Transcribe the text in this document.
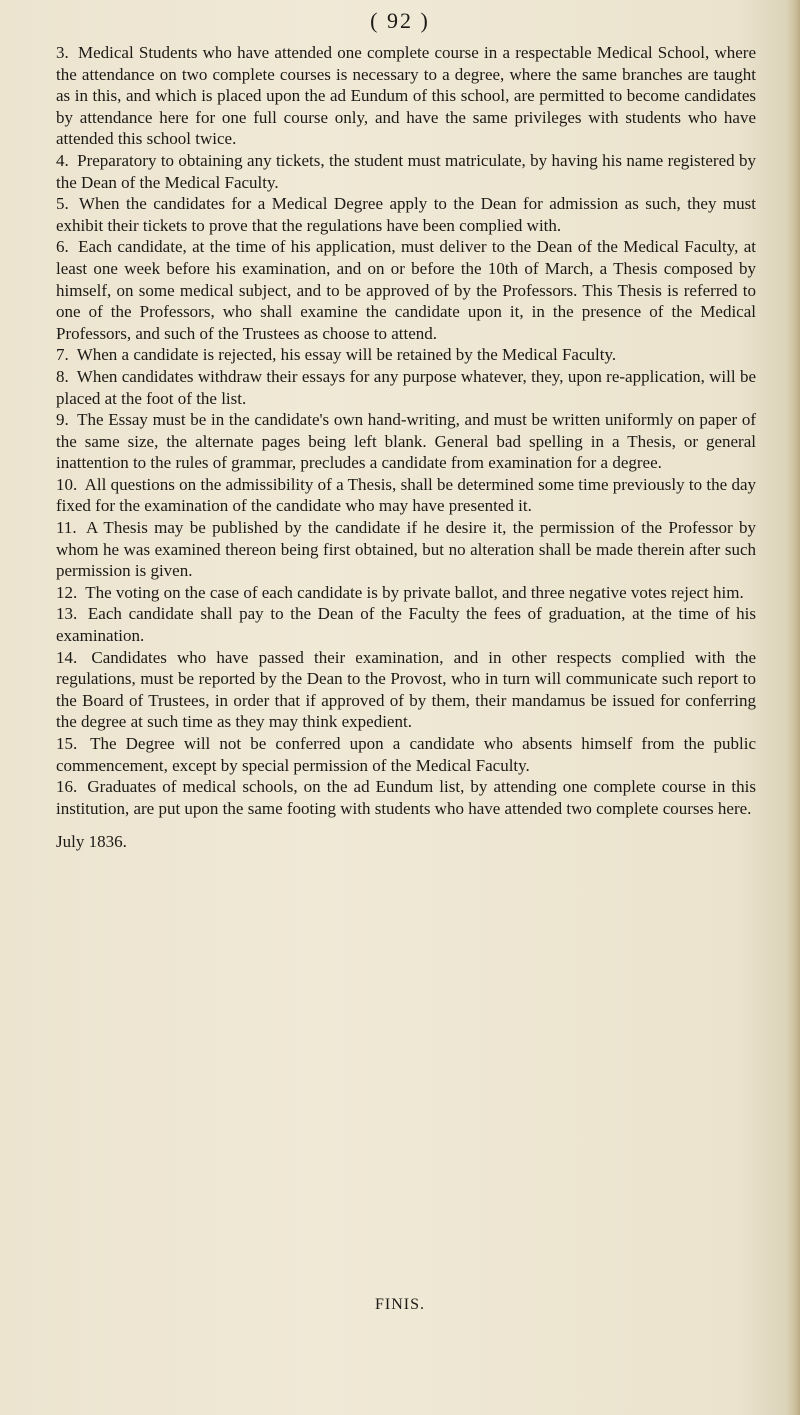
( 92 )

3. Medical Students who have attended one complete course in a respectable Medical School, where the attendance on two complete courses is necessary to a degree, where the same branches are taught as in this, and which is placed upon the ad Eundum of this school, are permitted to become candidates by attendance here for one full course only, and have the same privileges with students who have attended this school twice.

4. Preparatory to obtaining any tickets, the student must matriculate, by having his name registered by the Dean of the Medical Faculty.

5. When the candidates for a Medical Degree apply to the Dean for admission as such, they must exhibit their tickets to prove that the regulations have been complied with.

6. Each candidate, at the time of his application, must deliver to the Dean of the Medical Faculty, at least one week before his examination, and on or before the 10th of March, a Thesis composed by himself, on some medical subject, and to be approved of by the Professors. This Thesis is referred to one of the Professors, who shall examine the candidate upon it, in the presence of the Medical Professors, and such of the Trustees as choose to attend.

7. When a candidate is rejected, his essay will be retained by the Medical Faculty.

8. When candidates withdraw their essays for any purpose whatever, they, upon re-application, will be placed at the foot of the list.

9. The Essay must be in the candidate's own hand-writing, and must be written uniformly on paper of the same size, the alternate pages being left blank. General bad spelling in a Thesis, or general inattention to the rules of grammar, precludes a candidate from examination for a degree.

10. All questions on the admissibility of a Thesis, shall be determined some time previously to the day fixed for the examination of the candidate who may have presented it.

11. A Thesis may be published by the candidate if he desire it, the permission of the Professor by whom he was examined thereon being first obtained, but no alteration shall be made therein after such permission is given.

12. The voting on the case of each candidate is by private ballot, and three negative votes reject him.

13. Each candidate shall pay to the Dean of the Faculty the fees of graduation, at the time of his examination.

14. Candidates who have passed their examination, and in other respects complied with the regulations, must be reported by the Dean to the Provost, who in turn will communicate such report to the Board of Trustees, in order that if approved of by them, their mandamus be issued for conferring the degree at such time as they may think expedient.

15. The Degree will not be conferred upon a candidate who absents himself from the public commencement, except by special permission of the Medical Faculty.

16. Graduates of medical schools, on the ad Eundum list, by attending one complete course in this institution, are put upon the same footing with students who have attended two complete courses here.

July 1836.

FINIS.
